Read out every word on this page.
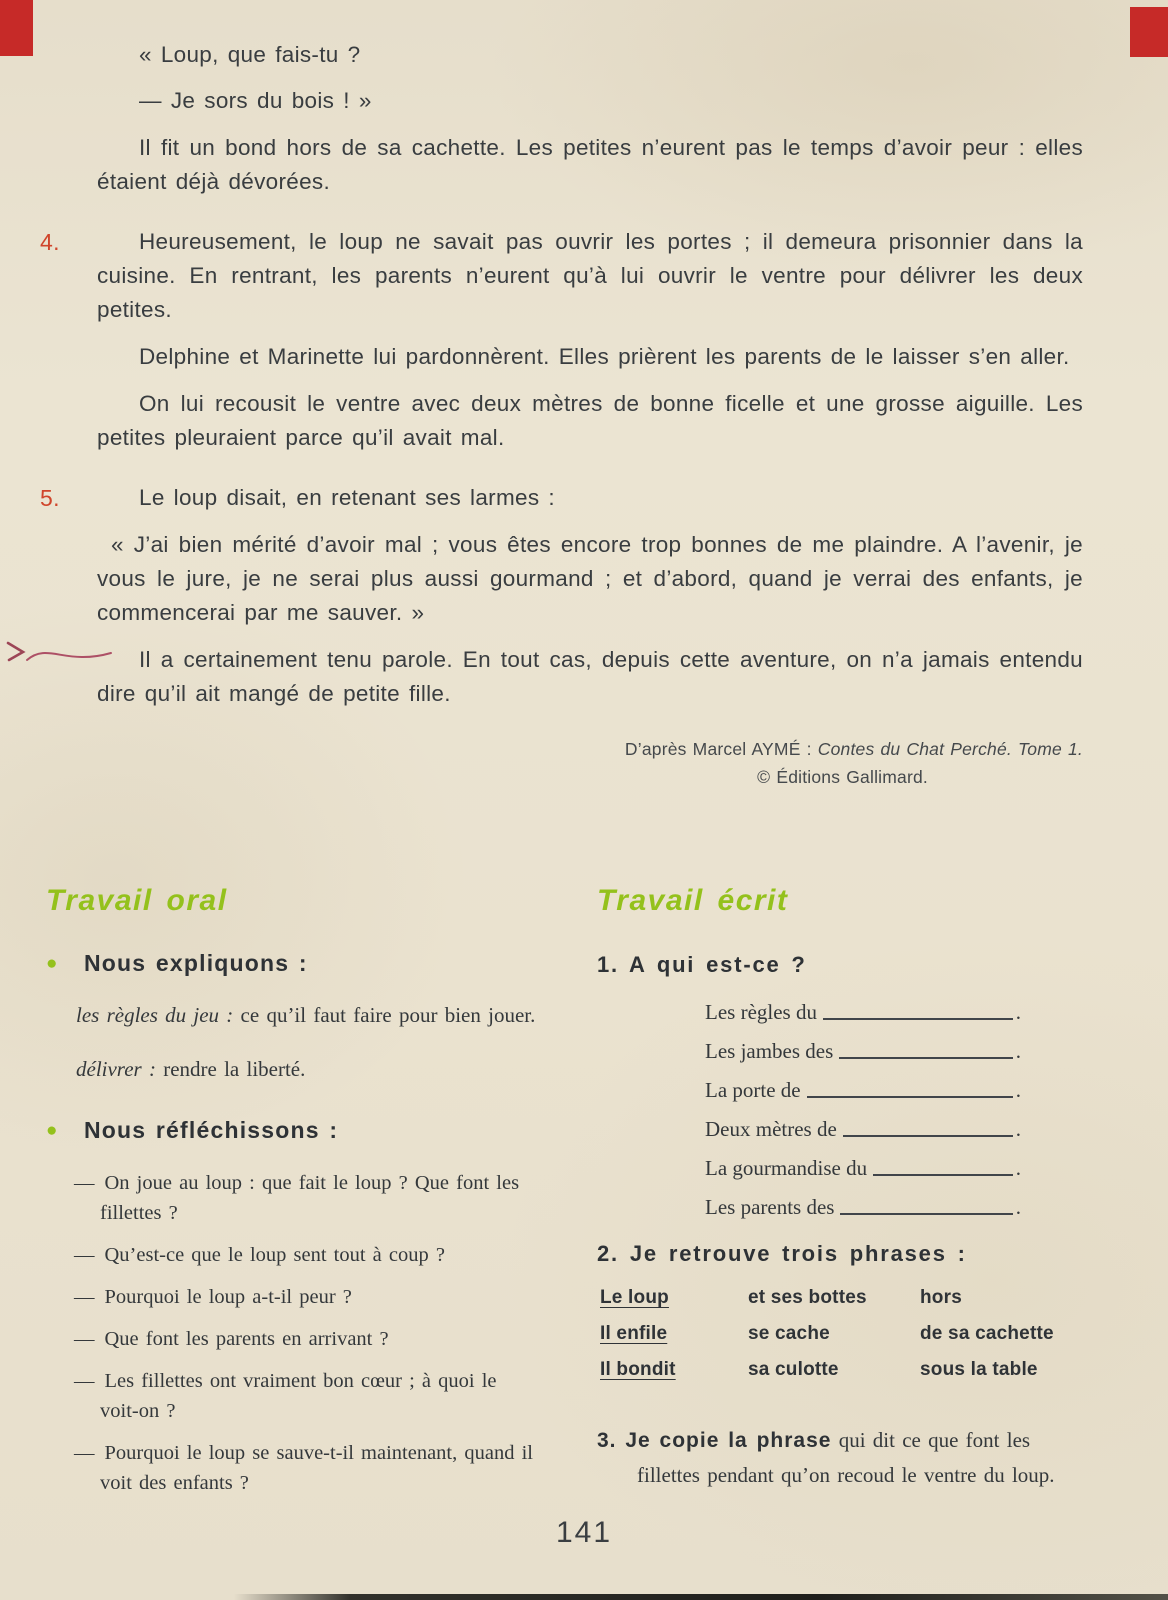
« Loup, que fais-tu ?

— Je sors du bois ! »

Il fit un bond hors de sa cachette. Les petites n’eurent pas le temps d’avoir peur : elles étaient déjà dévorées.

4.	Heureusement, le loup ne savait pas ouvrir les portes ; il demeura prisonnier dans la cuisine. En rentrant, les parents n’eurent qu’à lui ouvrir le ventre pour délivrer les deux petites.

Delphine et Marinette lui pardonnèrent. Elles prièrent les parents de le laisser s’en aller.

On lui recousit le ventre avec deux mètres de bonne ficelle et une grosse aiguille. Les petites pleuraient parce qu’il avait mal.

5.	Le loup disait, en retenant ses larmes :

« J’ai bien mérité d’avoir mal ; vous êtes encore trop bonnes de me plaindre. A l’avenir, je vous le jure, je ne serai plus aussi gourmand ; et d’abord, quand je verrai des enfants, je commencerai par me sauver. »

Il a certainement tenu parole. En tout cas, depuis cette aventure, on n’a jamais entendu dire qu’il ait mangé de petite fille.

D’après Marcel AYMÉ : Contes du Chat Perché. Tome 1.
© Éditions Gallimard.
Travail oral
●	Nous expliquons :

les règles du jeu : ce qu’il faut faire pour bien jouer.

délivrer : rendre la liberté.

●	Nous réfléchissons :

— On joue au loup : que fait le loup ? Que font les fillettes ?

— Qu’est-ce que le loup sent tout à coup ?

— Pourquoi le loup a-t-il peur ?

— Que font les parents en arrivant ?

— Les fillettes ont vraiment bon cœur ; à quoi le voit-on ?

— Pourquoi le loup se sauve-t-il maintenant, quand il voit des enfants ?

Travail écrit
1. A qui est-ce ?
Les règles du	.
Les jambes des	.
La porte de	.
Deux mètres de	.
La gourmandise du	.
Les parents des	.
2. Je retrouve trois phrases :
Le loup	et ses bottes	hors
Il enfile	se cache	de sa cachette
Il bondit	sa culotte	sous la table

3. Je copie la phrase qui dit ce que font les fillettes pendant qu’on recoud le ventre du loup.

141
